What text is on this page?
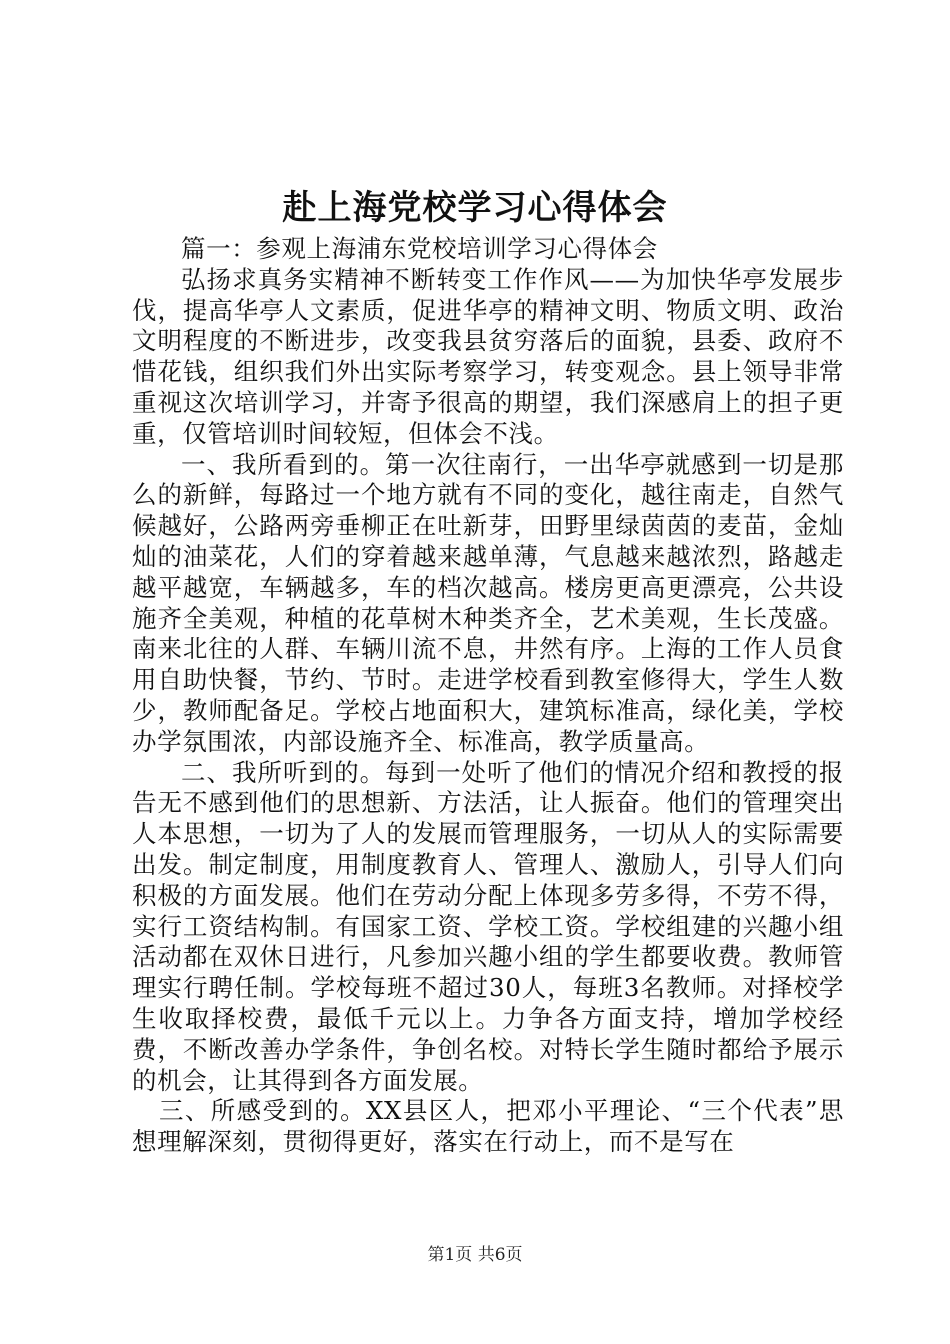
赴上海党校学习心得体会

篇一：参观上海浦东党校培训学习心得体会

弘扬求真务实精神不断转变工作作风——为加快华亭发展步伐，提高华亭人文素质，促进华亭的精神文明、物质文明、政治文明程度的不断进步，改变我县贫穷落后的面貌，县委、政府不惜花钱，组织我们外出实际考察学习，转变观念。县上领导非常重视这次培训学习，并寄予很高的期望，我们深感肩上的担子更重，仅管培训时间较短，但体会不浅。

一、我所看到的。第一次往南行，一出华亭就感到一切是那么的新鲜，每路过一个地方就有不同的变化，越往南走，自然气候越好，公路两旁垂柳正在吐新芽，田野里绿茵茵的麦苗，金灿灿的油菜花，人们的穿着越来越单薄，气息越来越浓烈，路越走越平越宽，车辆越多，车的档次越高。楼房更高更漂亮，公共设施齐全美观，种植的花草树木种类齐全，艺术美观，生长茂盛。南来北往的人群、车辆川流不息，井然有序。上海的工作人员食用自助快餐，节约、节时。走进学校看到教室修得大，学生人数少，教师配备足。学校占地面积大，建筑标准高，绿化美，学校办学氛围浓，内部设施齐全、标准高，教学质量高。

二、我所听到的。每到一处听了他们的情况介绍和教授的报告无不感到他们的思想新、方法活，让人振奋。他们的管理突出人本思想，一切为了人的发展而管理服务，一切从人的实际需要出发。制定制度，用制度教育人、管理人、激励人，引导人们向积极的方面发展。他们在劳动分配上体现多劳多得，不劳不得，实行工资结构制。有国家工资、学校工资。学校组建的兴趣小组活动都在双休日进行，凡参加兴趣小组的学生都要收费。教师管理实行聘任制。学校每班不超过30人，每班3名教师。对择校学生收取择校费，最低千元以上。力争各方面支持，增加学校经费，不断改善办学条件，争创名校。对特长学生随时都给予展示的机会，让其得到各方面发展。

三、所感受到的。XX县区人，把邓小平理论、“三个代表”思想理解深刻，贯彻得更好，落实在行动上，而不是写在

第1页 共6页
